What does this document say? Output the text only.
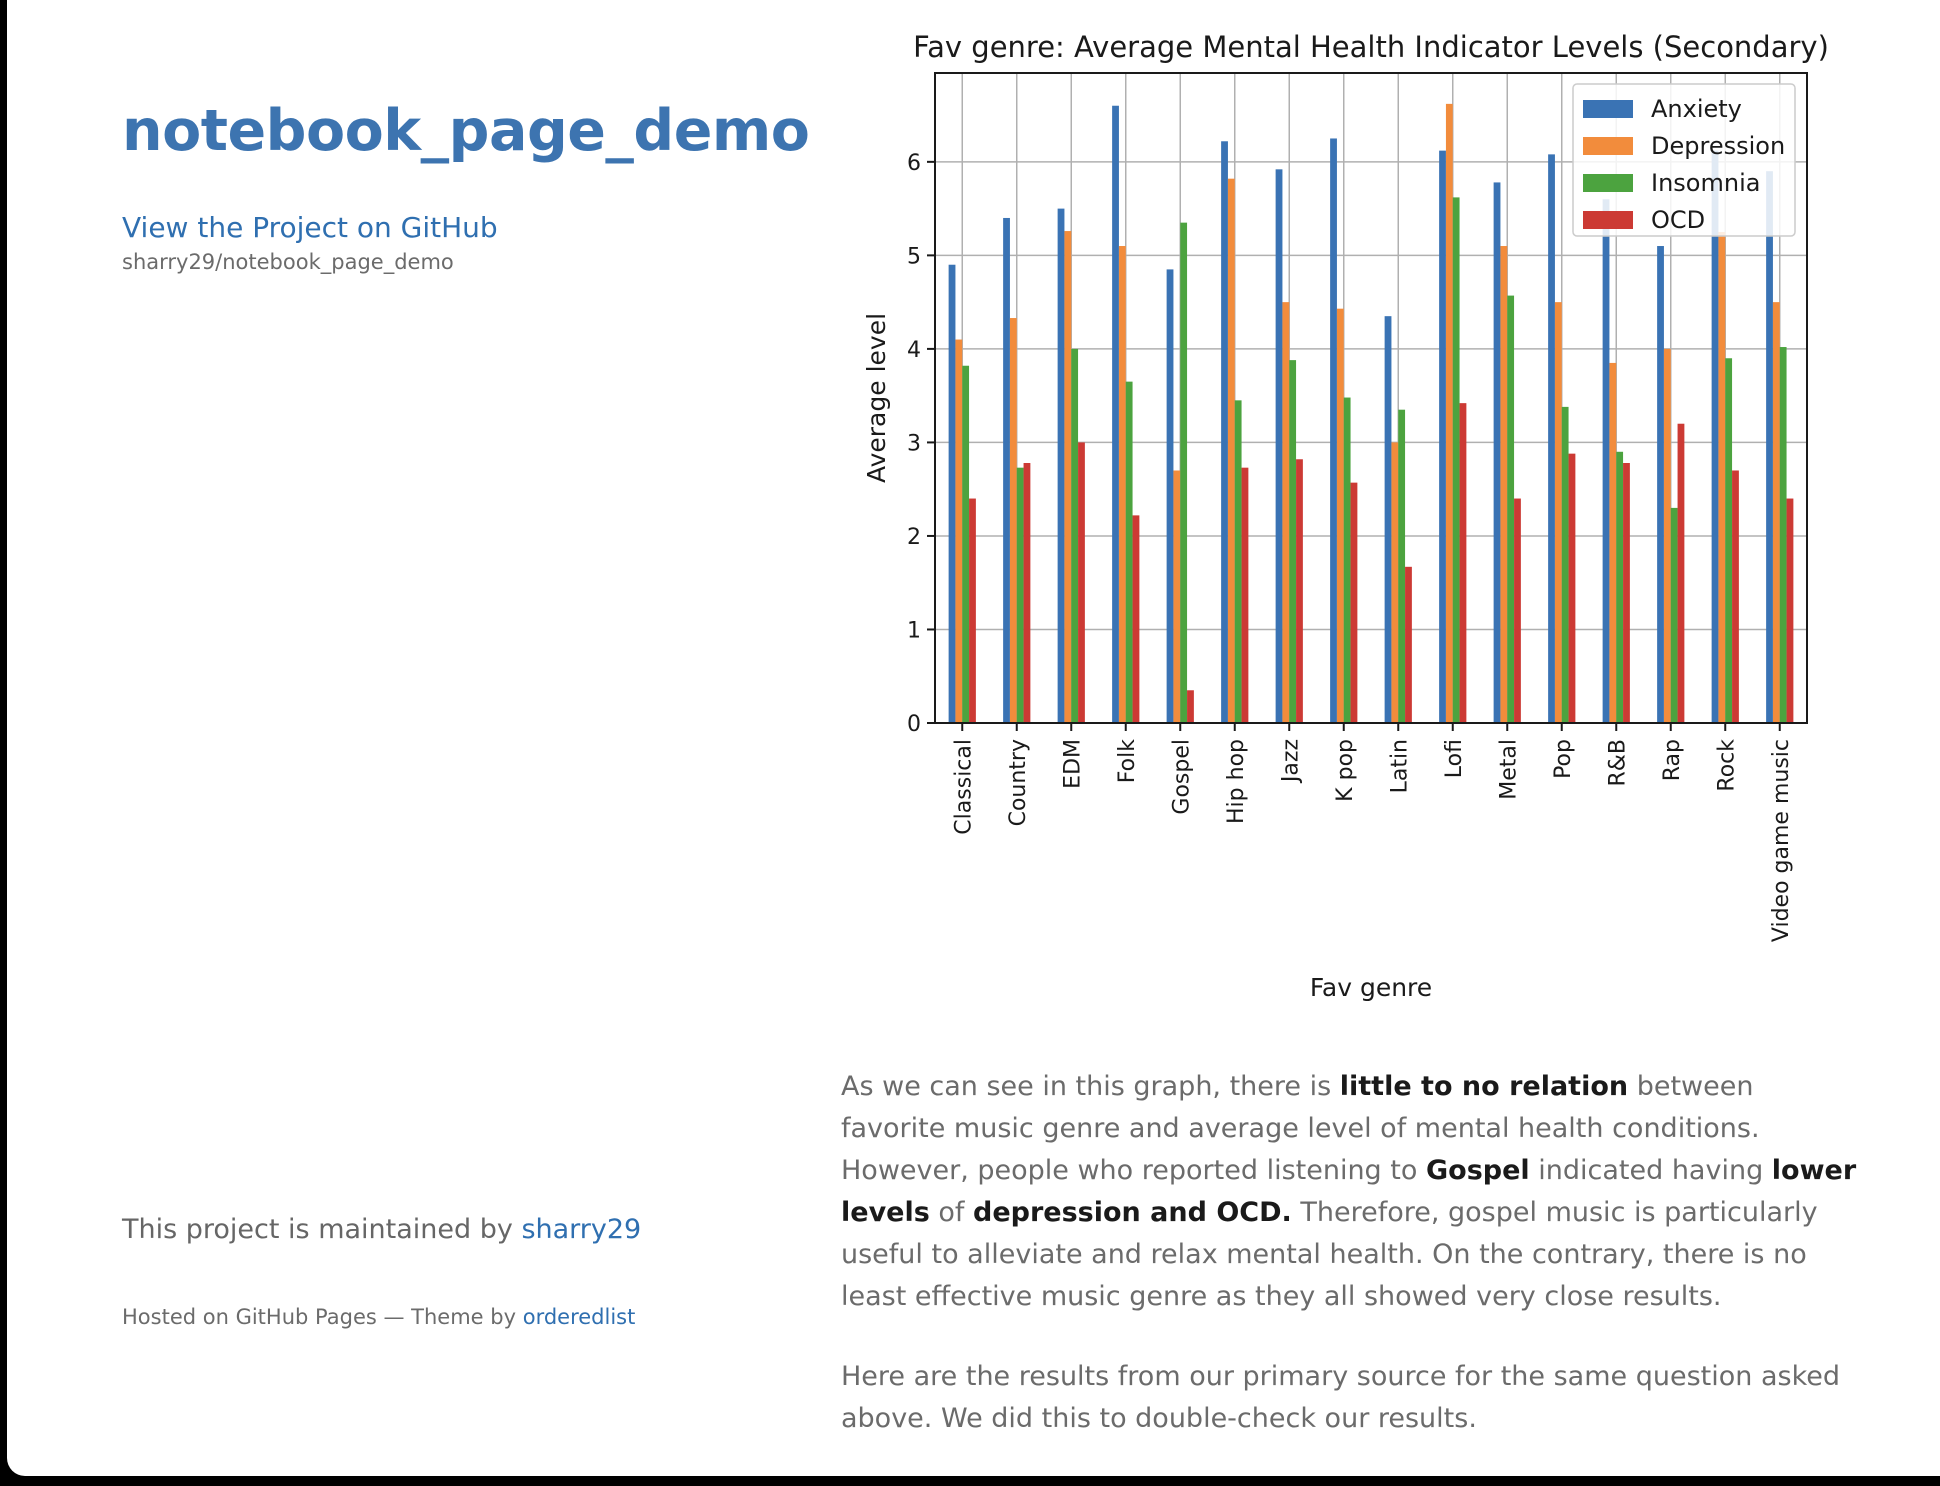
notebook_page_demo
View the Project on GitHub
sharry29/notebook_page_demo
This project is maintained by sharry29
Hosted on GitHub Pages — Theme by orderedlist
0
1
2
3
4
5
6
Classical Country EDM Folk Gospel Hip hop Jazz K pop Latin Lofi Metal Pop R&B Rap Rock Video game music
Fav genre: Average Mental Health Indicator Levels (Secondary)
Fav genre
Average level
Anxiety
Depression
Insomnia
OCD

As we can see in this graph, there is little to no relation between favorite music genre and average level of mental health conditions. However, people who reported listening to Gospel indicated having lower levels of depression and OCD. Therefore, gospel music is particularly useful to alleviate and relax mental health. On the contrary, there is no least effective music genre as they all showed very close results.

Here are the results from our primary source for the same question asked above. We did this to double-check our results.
